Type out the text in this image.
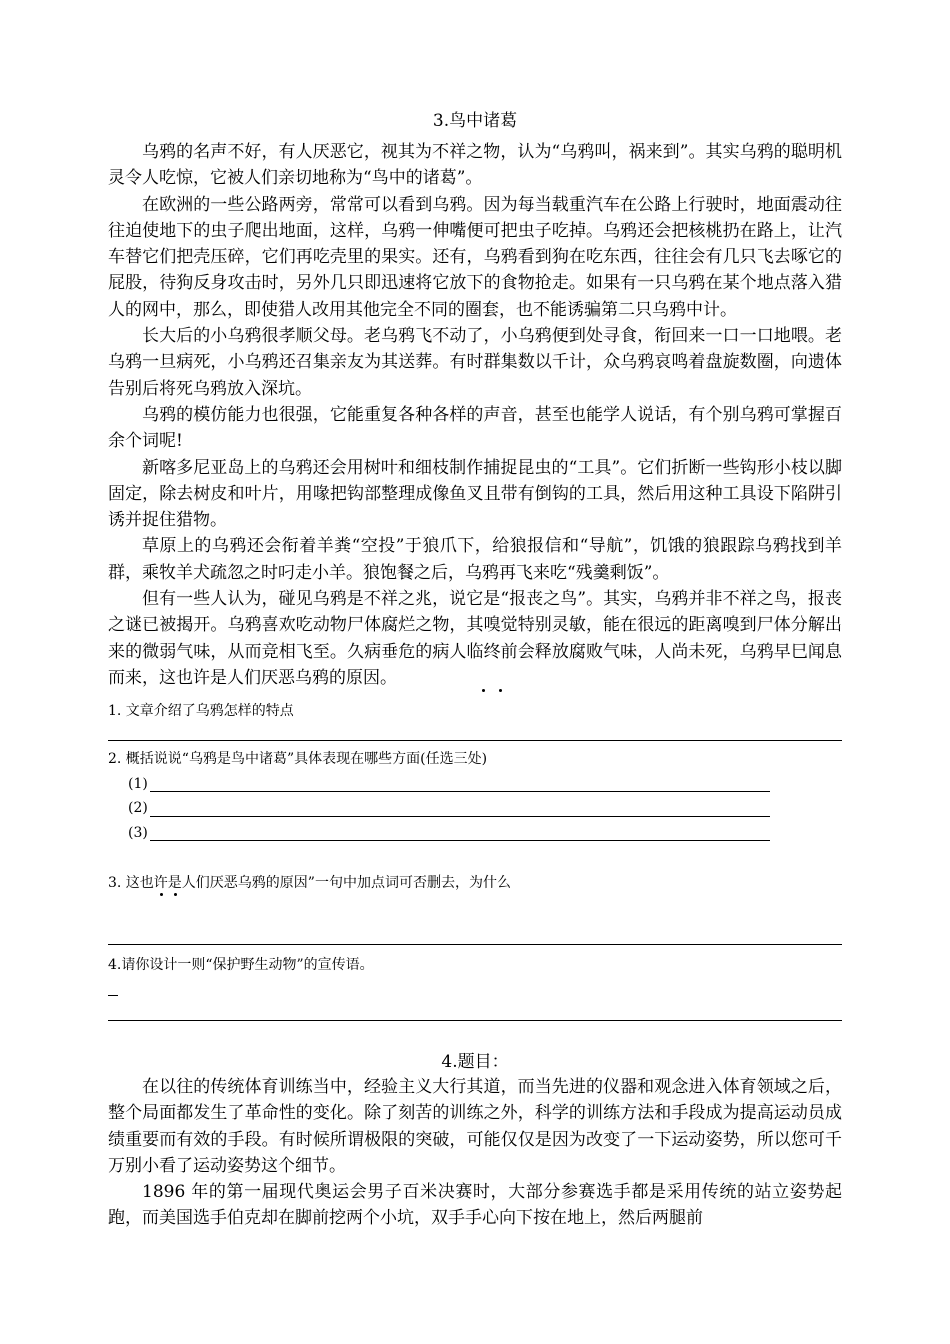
3.鸟中诸葛

乌鸦的名声不好，有人厌恶它，视其为不祥之物，认为“乌鸦叫，祸来到”。其实乌鸦的聪明机灵令人吃惊，它被人们亲切地称为“鸟中的诸葛”。

在欧洲的一些公路两旁，常常可以看到乌鸦。因为每当载重汽车在公路上行驶时，地面震动往往迫使地下的虫子爬出地面，这样，乌鸦一伸嘴便可把虫子吃掉。乌鸦还会把核桃扔在路上，让汽车替它们把壳压碎，它们再吃壳里的果实。还有，乌鸦看到狗在吃东西，往往会有几只飞去啄它的屁股，待狗反身攻击时，另外几只即迅速将它放下的食物抢走。如果有一只乌鸦在某个地点落入猎人的网中，那么，即使猎人改用其他完全不同的圈套，也不能诱骗第二只乌鸦中计。

长大后的小乌鸦很孝顺父母。老乌鸦飞不动了，小乌鸦便到处寻食，衔回来一口一口地喂。老乌鸦一旦病死，小乌鸦还召集亲友为其送葬。有时群集数以千计，众乌鸦哀鸣着盘旋数圈，向遗体告别后将死乌鸦放入深坑。

乌鸦的模仿能力也很强，它能重复各种各样的声音，甚至也能学人说话，有个别乌鸦可掌握百余个词呢!

新喀多尼亚岛上的乌鸦还会用树叶和细枝制作捕捉昆虫的“工具”。它们折断一些钩形小枝以脚固定，除去树皮和叶片，用喙把钩部整理成像鱼叉且带有倒钩的工具，然后用这种工具设下陷阱引诱并捉住猎物。

草原上的乌鸦还会衔着羊粪“空投”于狼爪下，给狼报信和“导航”，饥饿的狼跟踪乌鸦找到羊群，乘牧羊犬疏忽之时叼走小羊。狼饱餐之后，乌鸦再飞来吃“残羹剩饭”。

但有一些人认为，碰见乌鸦是不祥之兆，说它是“报丧之鸟”。其实，乌鸦并非不祥之鸟，报丧之谜已被揭开。乌鸦喜欢吃动物尸体腐烂之物，其嗅觉特别灵敏，能在很远的距离嗅到尸体分解出来的微弱气味，从而竞相飞至。久病垂危的病人临终前会释放腐败气味，人尚未死，乌鸦早巳闻息而来，这也许是人们厌恶乌鸦的原因。

1. 文章介绍了乌鸦怎样的特点
2. 概括说说“乌鸦是鸟中诸葛”具体表现在哪些方面(任选三处)
(1)
(2)
(3)
3. 这也许是人们厌恶乌鸦的原因”一句中加点词可否删去，为什么
4.请你设计一则“保护野生动物”的宣传语。
4.题目：

在以往的传统体育训练当中，经验主义大行其道，而当先进的仪器和观念进入体育领域之后，整个局面都发生了革命性的变化。除了刻苦的训练之外，科学的训练方法和手段成为提高运动员成绩重要而有效的手段。有时候所谓极限的突破，可能仅仅是因为改变了一下运动姿势，所以您可千万别小看了运动姿势这个细节。

1896 年的第一届现代奥运会男子百米决赛时，大部分参赛选手都是采用传统的站立姿势起跑，而美国选手伯克却在脚前挖两个小坑，双手手心向下按在地上，然后两腿前
